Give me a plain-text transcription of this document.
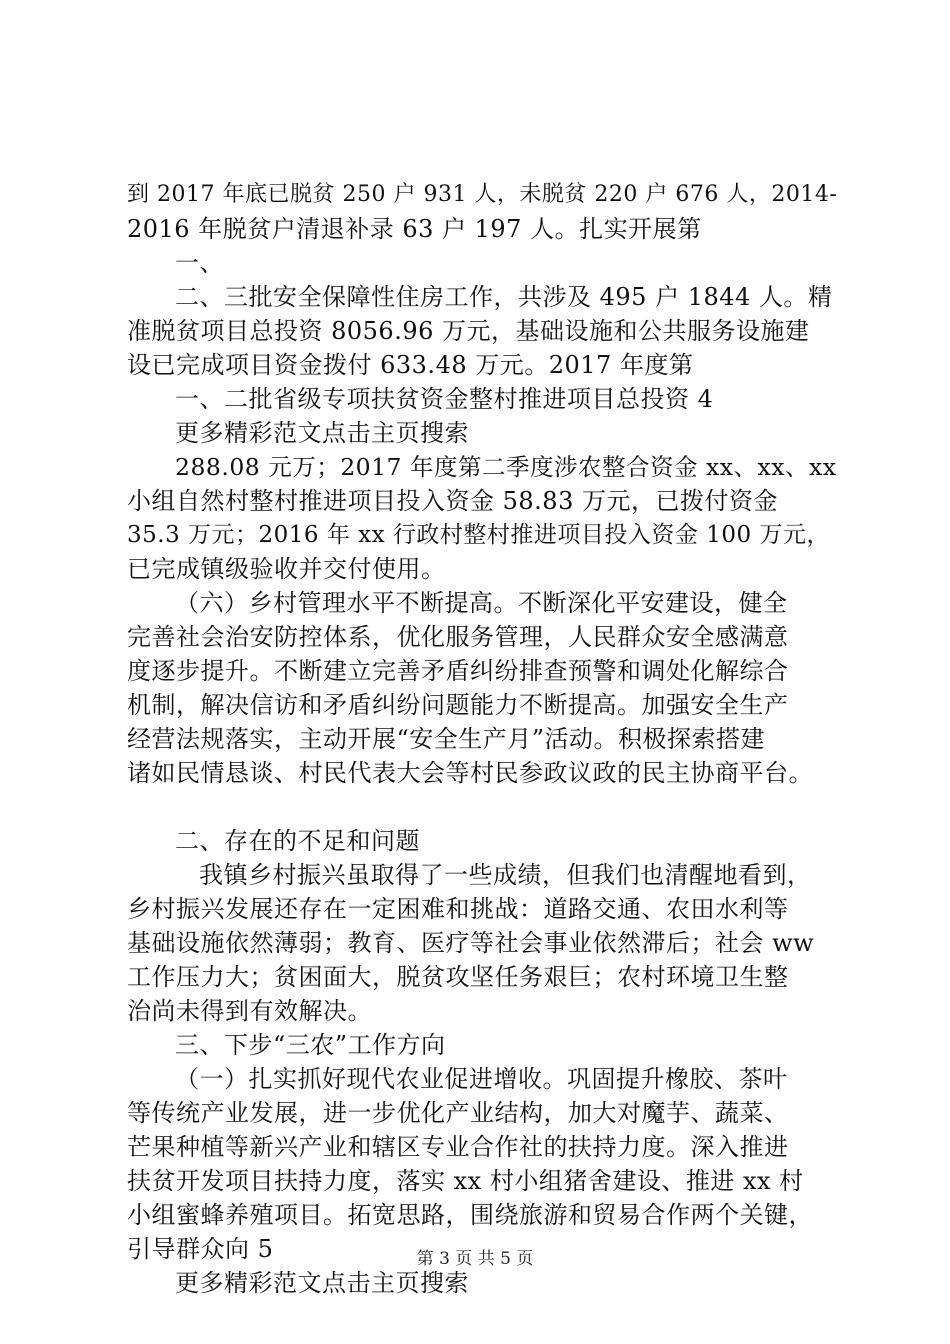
到 2017 年底已脱贫 250 户 931 人，未脱贫 220 户 676 人，2014-
2016 年脱贫户清退补录 63 户 197 人。扎实开展第
一、
二、三批安全保障性住房工作，共涉及 495 户 1844 人。精
准脱贫项目总投资 8056.96 万元，基础设施和公共服务设施建
设已完成项目资金拨付 633.48 万元。2017 年度第
一、二批省级专项扶贫资金整村推进项目总投资 4
更多精彩范文点击主页搜索
288.08 元万；2017 年度第二季度涉农整合资金 xx、xx、xx
小组自然村整村推进项目投入资金 58.83 万元，已拨付资金
35.3 万元；2016 年 xx 行政村整村推进项目投入资金 100 万元，
已完成镇级验收并交付使用。
（六）乡村管理水平不断提高。不断深化平安建设，健全
完善社会治安防控体系，优化服务管理，人民群众安全感满意
度逐步提升。不断建立完善矛盾纠纷排查预警和调处化解综合
机制，解决信访和矛盾纠纷问题能力不断提高。加强安全生产
经营法规落实，主动开展“安全生产月”活动。积极探索搭建
诸如民情恳谈、村民代表大会等村民参政议政的民主协商平台。
二、存在的不足和问题
我镇乡村振兴虽取得了一些成绩，但我们也清醒地看到，
乡村振兴发展还存在一定困难和挑战：道路交通、农田水利等
基础设施依然薄弱；教育、医疗等社会事业依然滞后；社会 ww
工作压力大；贫困面大，脱贫攻坚任务艰巨；农村环境卫生整
治尚未得到有效解决。
三、下步“三农”工作方向
（一）扎实抓好现代农业促进增收。巩固提升橡胶、茶叶
等传统产业发展，进一步优化产业结构，加大对魔芋、蔬菜、
芒果种植等新兴产业和辖区专业合作社的扶持力度。深入推进
扶贫开发项目扶持力度，落实 xx 村小组猪舍建设、推进 xx 村
小组蜜蜂养殖项目。拓宽思路，围绕旅游和贸易合作两个关键，
引导群众向 5
更多精彩范文点击主页搜索
第 3 页 共 5 页
